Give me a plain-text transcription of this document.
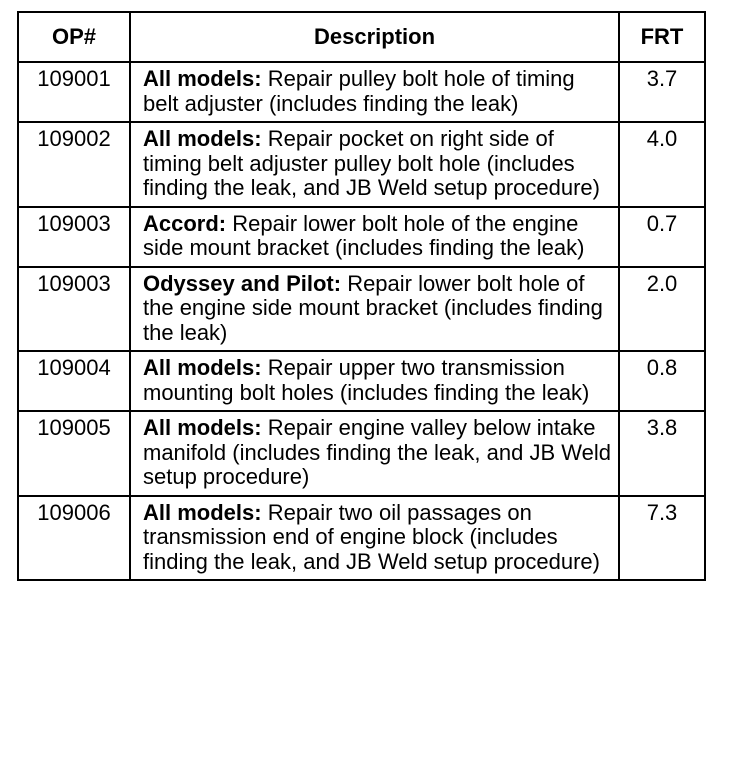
OP#	Description	FRT
109001	All models: Repair pulley bolt hole of timing belt adjuster (includes finding the leak)	3.7
109002	All models: Repair pocket on right side of timing belt adjuster pulley bolt hole (includes finding the leak, and JB Weld setup procedure)	4.0
109003	Accord: Repair lower bolt hole of the engine side mount bracket (includes finding the leak)	0.7
109003	Odyssey and Pilot: Repair lower bolt hole of the engine side mount bracket (includes finding the leak)	2.0
109004	All models: Repair upper two transmission mounting bolt holes (includes finding the leak)	0.8
109005	All models: Repair engine valley below intake manifold (includes finding the leak, and JB Weld setup procedure)	3.8
109006	All models: Repair two oil passages on transmission end of engine block (includes finding the leak, and JB Weld setup procedure)	7.3
